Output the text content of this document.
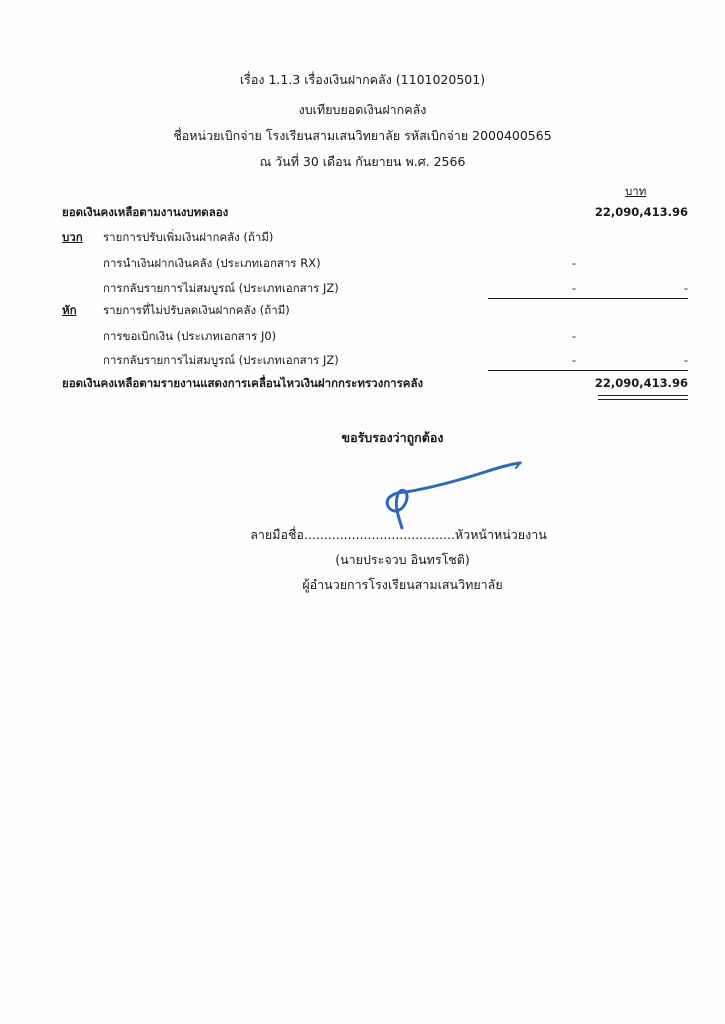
เรื่อง 1.1.3 เรื่องเงินฝากคลัง (1101020501)
งบเทียบยอดเงินฝากคลัง
ชื่อหน่วยเบิกจ่าย โรงเรียนสามเสนวิทยาลัย รหัสเบิกจ่าย 2000400565
ณ วันที่ 30 เดือน กันยายน พ.ศ. 2566
บาท
ยอดเงินคงเหลือตามงานงบทดลอง	22,090,413.96
บวก รายการปรับเพิ่มเงินฝากคลัง (ถ้ามี)
การนำเงินฝากเงินคลัง (ประเภทเอกสาร RX)	-
การกลับรายการไม่สมบูรณ์ (ประเภทเอกสาร JZ)	-	-
หัก รายการที่ไม่ปรับลดเงินฝากคลัง (ถ้ามี)
การขอเบิกเงิน (ประเภทเอกสาร J0)	-
การกลับรายการไม่สมบูรณ์ (ประเภทเอกสาร JZ)	-	-
ยอดเงินคงเหลือตามรายงานแสดงการเคลื่อนไหวเงินฝากกระทรวงการคลัง	22,090,413.96
ขอรับรองว่าถูกต้อง
ลายมือชื่อ......................................หัวหน้าหน่วยงาน
(นายประจวบ อินทรโชติ)
ผู้อำนวยการโรงเรียนสามเสนวิทยาลัย
